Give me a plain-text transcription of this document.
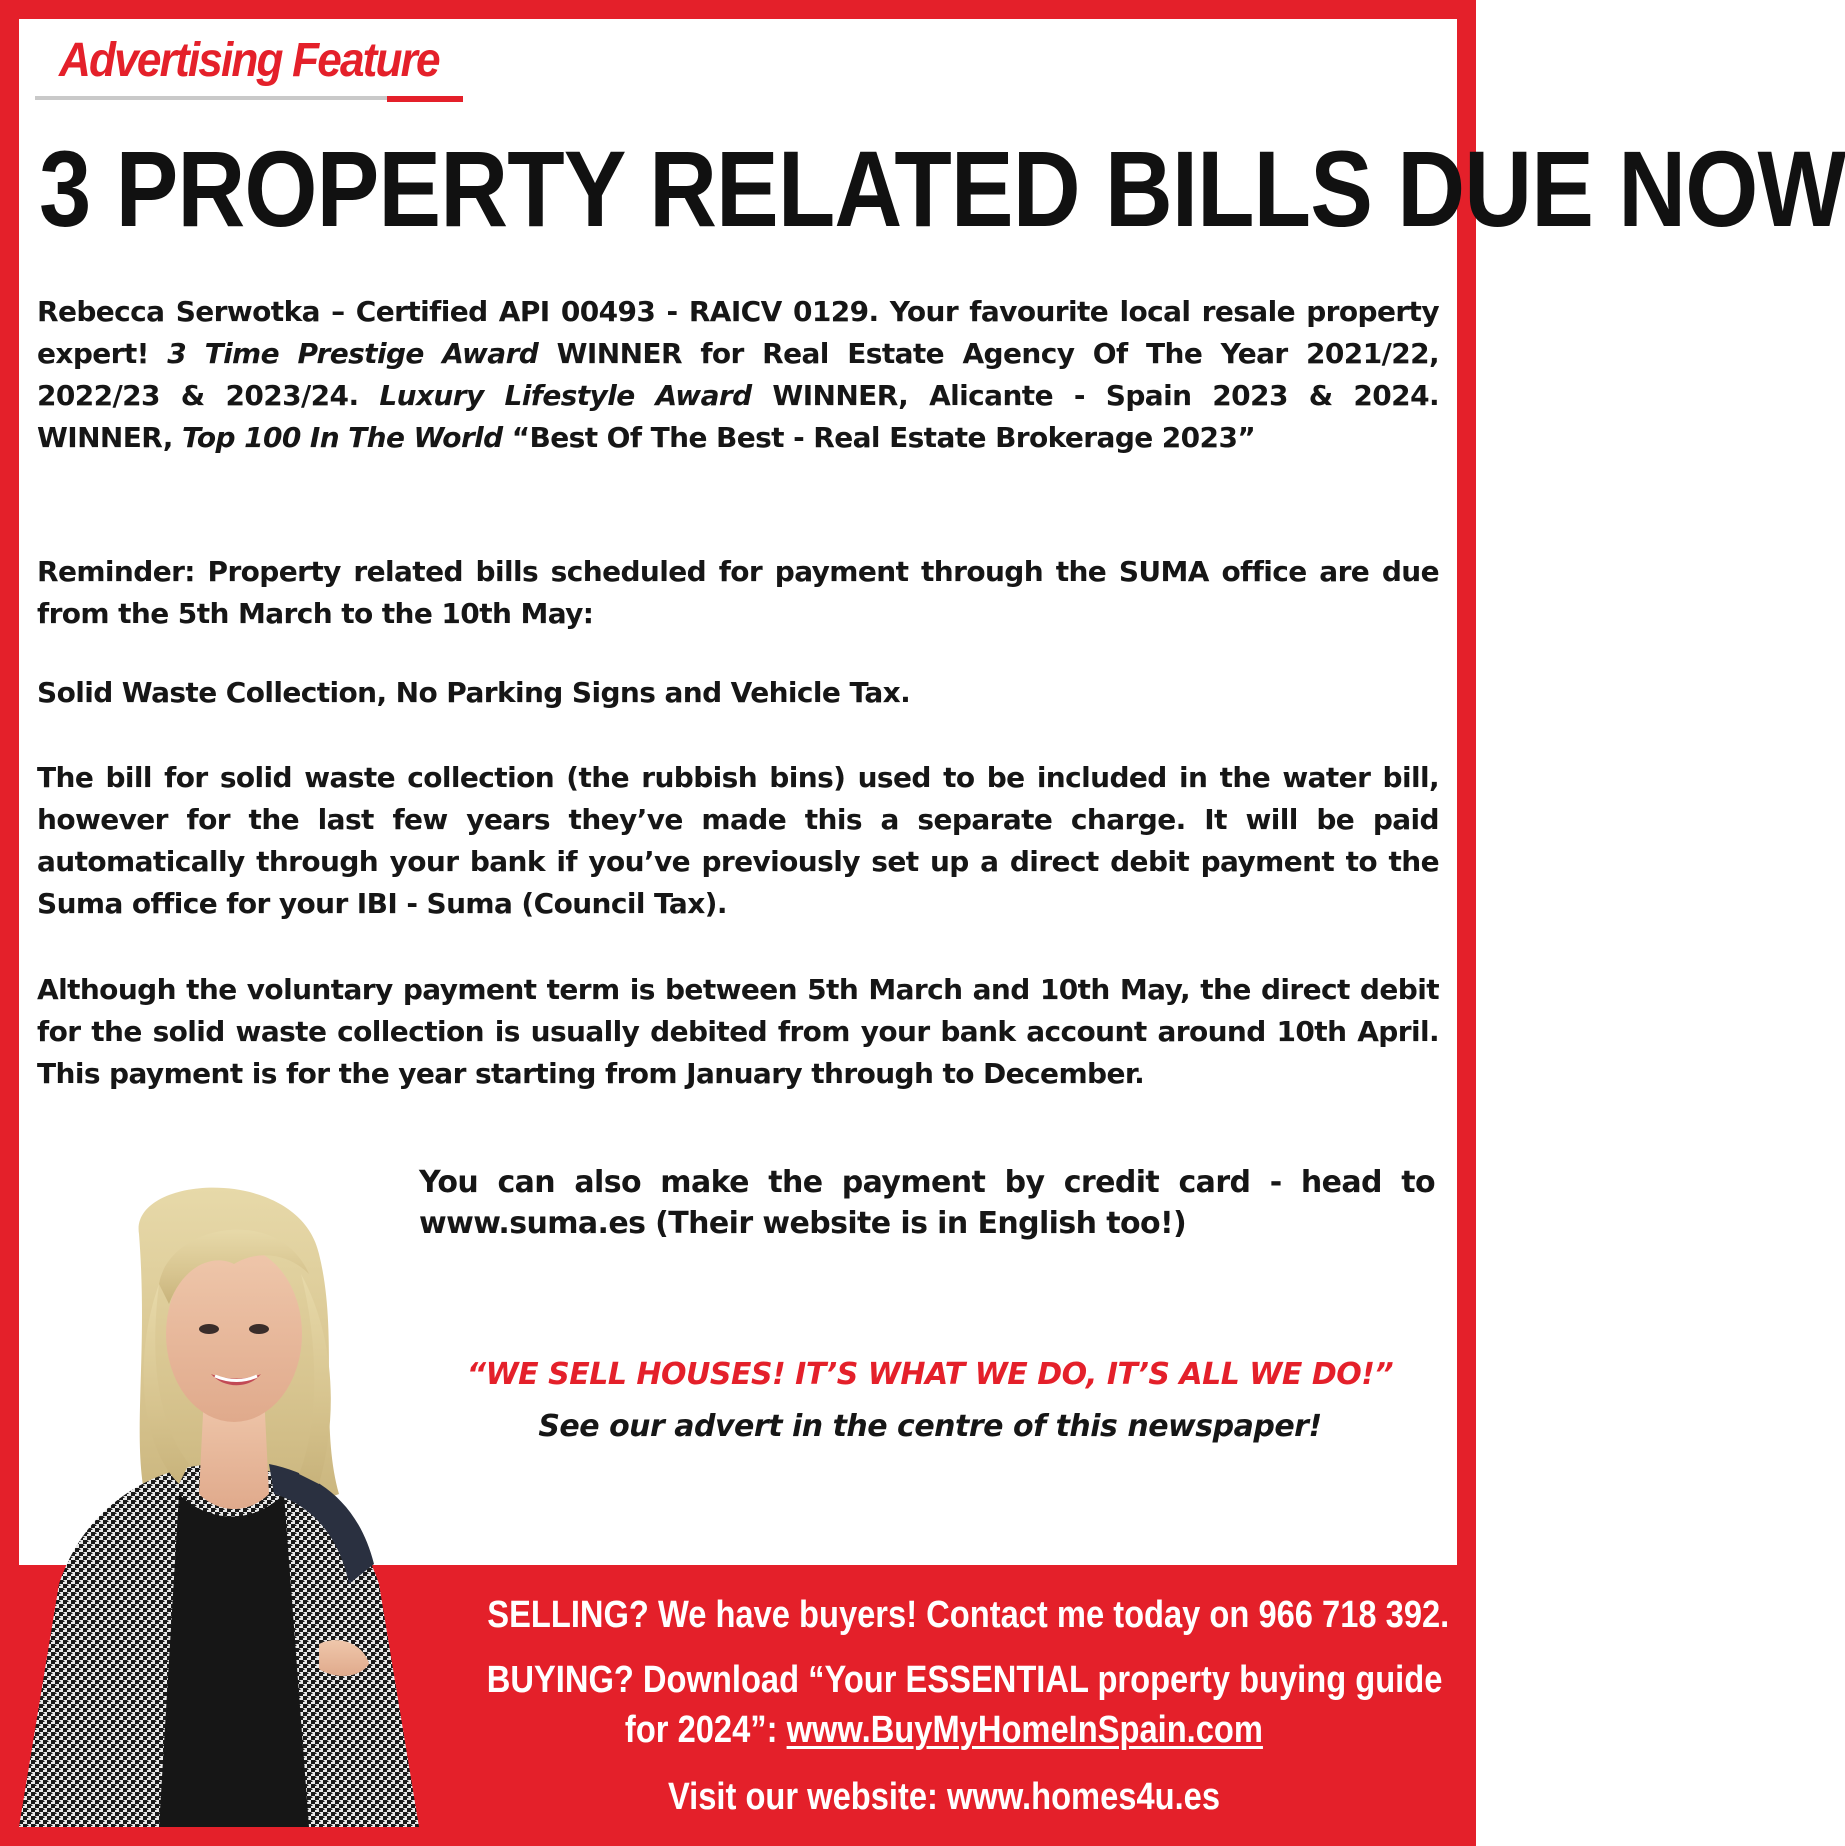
Advertising Feature
3 PROPERTY RELATED BILLS DUE NOW

Rebecca Serwotka – Certified API 00493 - RAICV 0129. Your favourite local resale property expert! 3 Time Prestige Award WINNER for Real Estate Agency Of The Year 2021/22, 2022/23 & 2023/24. Luxury Lifestyle Award WINNER, Alicante - Spain 2023 & 2024. WINNER, Top 100 In The World “Best Of The Best - Real Estate Brokerage 2023”

Reminder: Property related bills scheduled for payment through the SUMA office are due from the 5th March to the 10th May:

Solid Waste Collection, No Parking Signs and Vehicle Tax.

The bill for solid waste collection (the rubbish bins) used to be included in the water bill, however for the last few years they’ve made this a separate charge. It will be paid automatically through your bank if you’ve previously set up a direct debit payment to the Suma office for your IBI - Suma (Council Tax).

Although the voluntary payment term is between 5th March and 10th May, the direct debit for the solid waste collection is usually debited from your bank account around 10th April. This payment is for the year starting from January through to December.

You can also make the payment by credit card - head to www.suma.es (Their website is in English too!)

“WE SELL HOUSES! IT’S WHAT WE DO, IT’S ALL WE DO!”
See our advert in the centre of this newspaper!
SELLING? We have buyers! Contact me today on 966 718 392.
BUYING? Download “Your ESSENTIAL property buying guide
for 2024”: www.BuyMyHomeInSpain.com
Visit our website: www.homes4u.es
